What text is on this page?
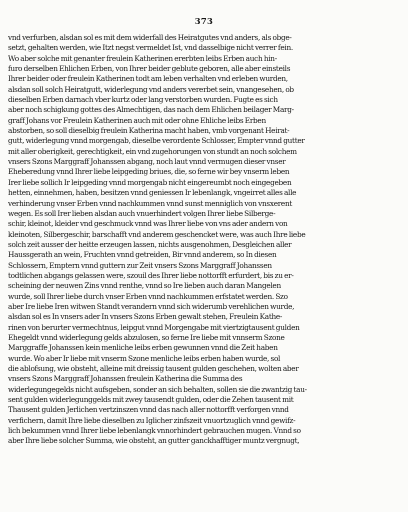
373
vnd verfurben, alsdan sol es mit dem widerfall des Heiratgutes vnd anders, als obge-
setzt, gehalten werden, wie Itzt negst vermeldet Ist, vnd dasselbige nicht verrer fein.
Wo aber solche mit genanter freulein Katherinen ererbten leibs Erben auch hin-
furo derselben Ehlichen Erben, von Ihrer beider geblute geboren, alle aber einsteils
Ihrer beider oder freulein Katherinen todt am leben verhalten vnd erleben wurden,
alsdan soll solch Heiratgutt, widerlegung vnd anders vererbet sein, vnangesehen, ob
dieselben Erben darnach vber kurtz oder lang verstorben wurden. Fugte es sich
aber noch schigkung gottes des Almechtigen, das nach dem Ehlichen beilager Marg-
graff Johans vor Freulein Katherinen auch mit oder ohne Ehliche leibs Erben
abstorben, so soll dieselbig freulein Katherina macht haben, vmb vorgenant Heirat-
gutt, widerlegung vnnd morgengab, dieselbe verordente Schlosser, Empter vnnd gutter
mit aller oberigkeit, gerechtigkeit, ein vnd zugehorungen von stundt an noch solchem
vnsers Szons Marggraff Johanssen abgang, noch laut vnnd vermugen dieser vnser
Eheberedung vnnd Ihrer liebe leipgeding briues, die, so ferne wir bey vnserm leben
Irer liebe sollich Ir leipgeding vnnd morgengab nicht eingereumbt noch eingegeben
hetten, einnehmen, haben, besitzen vnnd geniessen Ir lebenlangk, vngeirret alles alle
verhinderung vnser Erben vnnd nachkummen vnnd sunst menniglich von vnsxerent
wegen. Es soll Irer lieben alsdan auch vnuerhindert volgen Ihrer liebe Silberge-
schir, kleinot, kleider vnd geschmuck vnnd was Ihrer liebe von vns ader andern von
kleinoten, Silbergeschir, barschafft vnd anderem geschencket were, was auch Ihre liebe
solch zeit ausser der heitte erzeugen lassen, nichts ausgenohmen, Desgleichen aller
Haussgerath an wein, Fruchten vnnd getreiden, Bir vnnd anderem, so In diesen
Schlossern, Emptern vnnd guttern zur Zeit vnsers Szons Marggraff Johanssen
todtlichen abgangs gelassen were, szouil des Ihrer liebe nottorfft erfurdert, bis zu er-
scheining der neuwen Zins vnnd renthe, vnnd so Ire lieben auch daran Mangelen
wurde, soll Ihrer liebe durch vnser Erben vnnd nachkummen erfstatet werden. Szo
aber Ire liebe Iren witwen Standt verandern vnnd sich widerumb verehlichen wurde,
alsdan sol es In vnsers ader In vnsers Szons Erben gewalt stehen, Freulein Kathe-
rinen von berurter vermechtnus, leipgut vnnd Morgengabe mit viertzigtausent gulden
Ehegeldt vnnd widerlegung gelds abzulosen, so ferne Ire liebe mit vnnserm Szone
Marggraffe Johanssen kein menliche leibs erben gewunnen vnnd die Zeit haben
wurde. Wo aber Ir liebe mit vnserm Szone menliche leibs erben haben wurde, sol
die ablofsung, wie obsteht, alleine mit dreissig tausent gulden geschehen, wolten aber
vnsers Szons Marggraff Johanssen freulein Katherina die Summa des
widerlegungegelds nicht aufsgeben, sonder an sich behalten, sollen sie die zwantzig tau-
sent gulden widerlegunggelds mit zwey tausendt gulden, oder die Zehen tausent mit
Thausent gulden Jerlichen vertzinszen vnnd das nach aller nottorfft verforgen vnnd
verfichern, damit Ihre liebe dieselben zu Iglicher zinfszeit vnuortzuglich vnnd gewifz-
lich bekummen vnnd Ihrer liebe lebenlangk vnnorhindert gebrauchen mugen. Vnnd so
aber Ihre liebe solcher Summa, wie obsteht, an gutter ganckhafftiger muntz vergnugt,
